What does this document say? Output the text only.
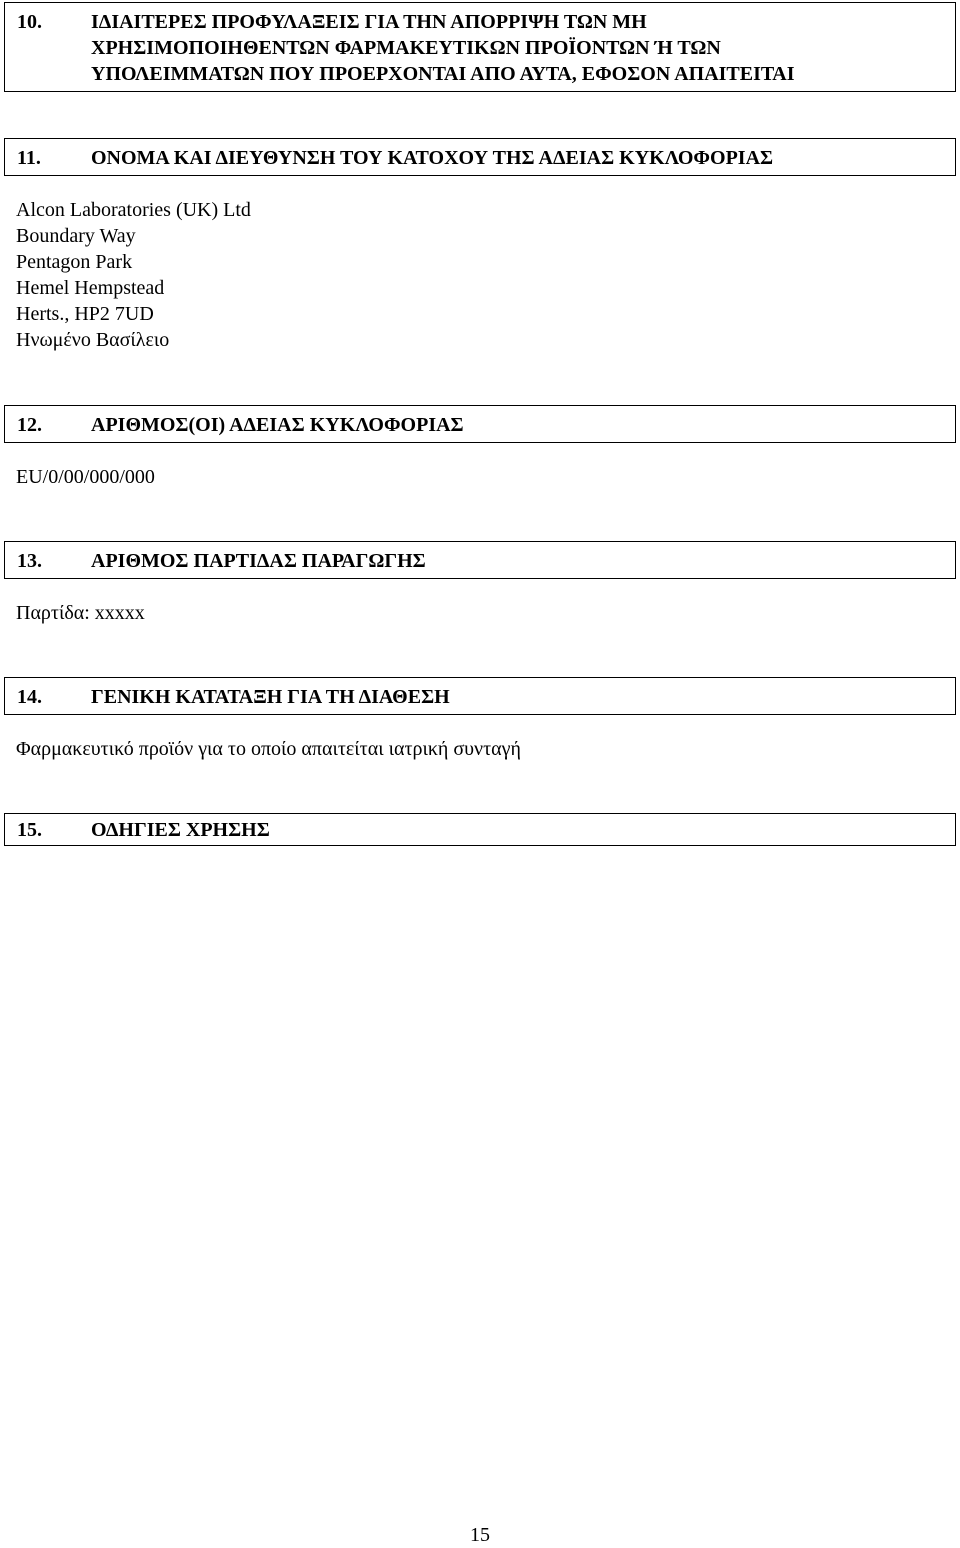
10. ΙΔΙΑΙΤΕΡΕΣ ΠΡΟΦΥΛΑΞΕΙΣ ΓΙΑ ΤΗΝ ΑΠΟΡΡΙΨΗ ΤΩΝ ΜΗ
ΧΡΗΣΙΜΟΠΟΙΗΘΕΝΤΩΝ ΦΑΡΜΑΚΕΥΤΙΚΩΝ ΠΡΟΪΟΝΤΩΝ Ή ΤΩΝ
ΥΠΟΛΕΙΜΜΑΤΩΝ ΠΟΥ ΠΡΟΕΡΧΟΝΤΑΙ ΑΠΟ ΑΥΤΑ, ΕΦΟΣΟΝ ΑΠΑΙΤΕΙΤΑΙ
11.	ΟΝΟΜΑ ΚΑΙ ΔΙΕΥΘΥΝΣΗ ΤΟΥ ΚΑΤΟΧΟΥ ΤΗΣ ΑΔΕΙΑΣ ΚΥΚΛΟΦΟΡΙΑΣ
Alcon Laboratories (UK) Ltd
Boundary Way
Pentagon Park
Hemel Hempstead
Herts., HP2 7UD
Ηνωμένο Βασίλειο
12. ΑΡΙΘΜΟΣ(ΟΙ) ΑΔΕΙΑΣ ΚΥΚΛΟΦΟΡΙΑΣ
EU/0/00/000/000
13. ΑΡΙΘΜΟΣ ΠΑΡΤΙΔΑΣ ΠΑΡΑΓΩΓΗΣ
Παρτίδα: xxxxx
14. ΓΕΝΙΚΗ ΚΑΤΑΤΑΞΗ ΓΙΑ ΤΗ ΔΙΑΘΕΣΗ
Φαρμακευτικό προϊόν για το οποίο απαιτείται ιατρική συνταγή
15. ΟΔΗΓΙΕΣ ΧΡΗΣΗΣ
15
